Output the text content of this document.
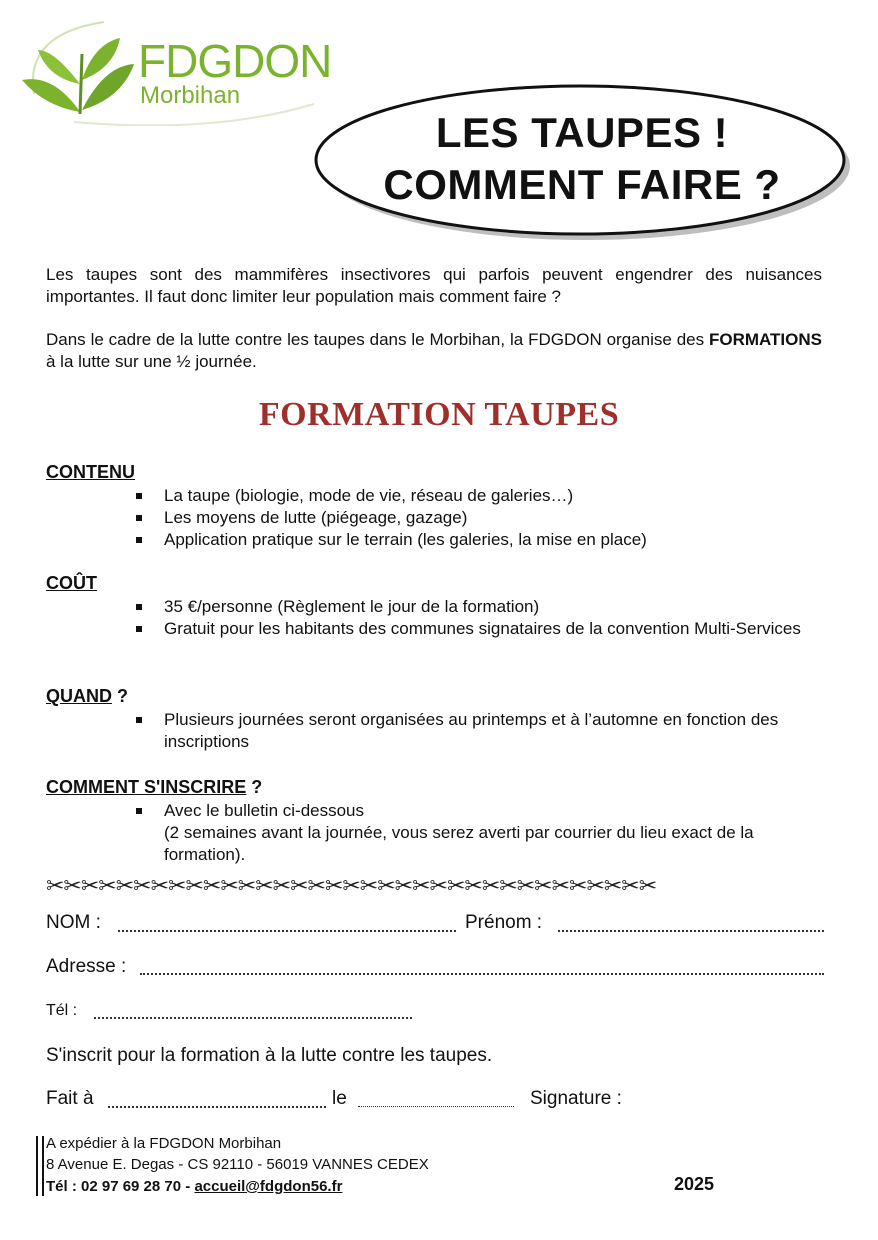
FDGDON
Morbihan
LES TAUPES !
COMMENT FAIRE ?
Les taupes sont des mammifères insectivores qui parfois peuvent engendrer des nuisances importantes. Il faut donc limiter leur population mais comment faire ?
Dans le cadre de la lutte contre les taupes dans le Morbihan, la FDGDON organise des FORMATIONS à la lutte sur une ½ journée.
FORMATION TAUPES
CONTENU
La taupe (biologie, mode de vie, réseau de galeries…)
Les moyens de lutte (piégeage, gazage)
Application pratique sur le terrain (les galeries, la mise en place)
COÛT
35 €/personne (Règlement le jour de la formation)
Gratuit pour les habitants des communes signataires de la convention Multi-Services
QUAND ?
Plusieurs journées seront organisées au printemps et à l’automne en fonction des inscriptions
COMMENT S'INSCRIRE ?
Avec le bulletin ci-dessous
(2 semaines avant la journée, vous serez averti par courrier du lieu exact de la formation).
✂✂✂✂✂✂✂✂✂✂✂✂✂✂✂✂✂✂✂✂✂✂✂✂✂✂✂✂✂✂✂✂✂✂✂
NOM :	Prénom :
Adresse :
Tél :
S'inscrit pour la formation à la lutte contre les taupes.
Fait à	le	Signature :
A expédier à la FDGDON Morbihan
8 Avenue E. Degas - CS 92110 - 56019 VANNES CEDEX
Tél : 02 97 69 28 70 - accueil@fdgdon56.fr	2025
